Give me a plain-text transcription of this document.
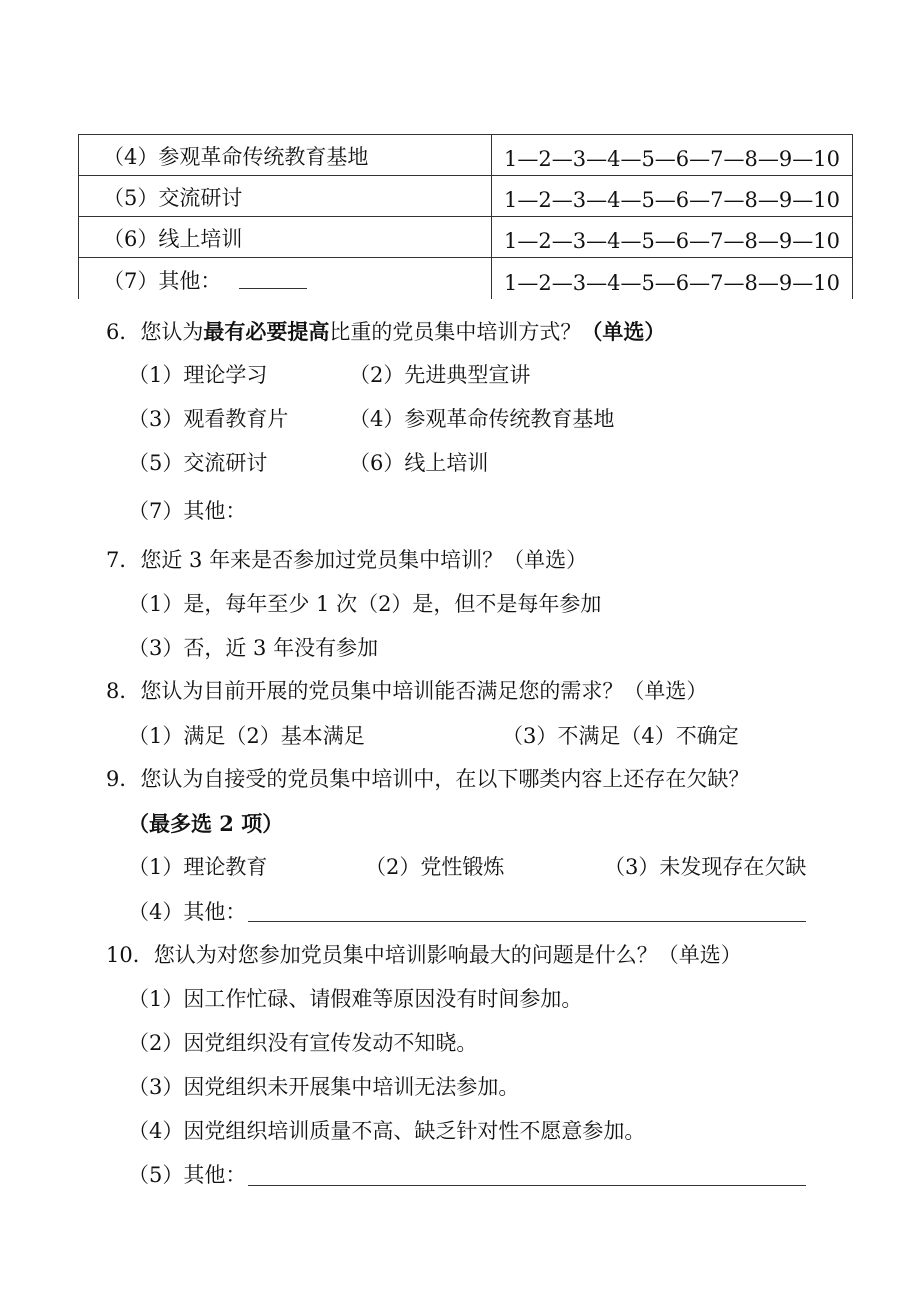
（4）参观革命传统教育基地	1—2—3—4—5—6—7—8—9—10
（5）交流研讨	1—2—3—4—5—6—7—8—9—10
（6）线上培训	1—2—3—4—5—6—7—8—9—10
（7）其他：	1—2—3—4—5—6—7—8—9—10
6．您认为最有必要提高比重的党员集中培训方式？（单选）
（1）理论学习	（2）先进典型宣讲
（3）观看教育片	（4）参观革命传统教育基地
（5）交流研讨	（6）线上培训
（7）其他：
7．您近 3 年来是否参加过党员集中培训？（单选）
（1）是，每年至少 1 次（2）是，但不是每年参加
（3）否，近 3 年没有参加
8．您认为目前开展的党员集中培训能否满足您的需求？（单选）
（1）满足（2）基本满足	（3）不满足（4）不确定
9．您认为自接受的党员集中培训中，在以下哪类内容上还存在欠缺？
（最多选 2 项）
（1）理论教育	（2）党性锻炼	（3）未发现存在欠缺
（4）其他：
10．您认为对您参加党员集中培训影响最大的问题是什么？（单选）
（1）因工作忙碌、请假难等原因没有时间参加。
（2）因党组织没有宣传发动不知晓。
（3）因党组织未开展集中培训无法参加。
（4）因党组织培训质量不高、缺乏针对性不愿意参加。
（5）其他：
